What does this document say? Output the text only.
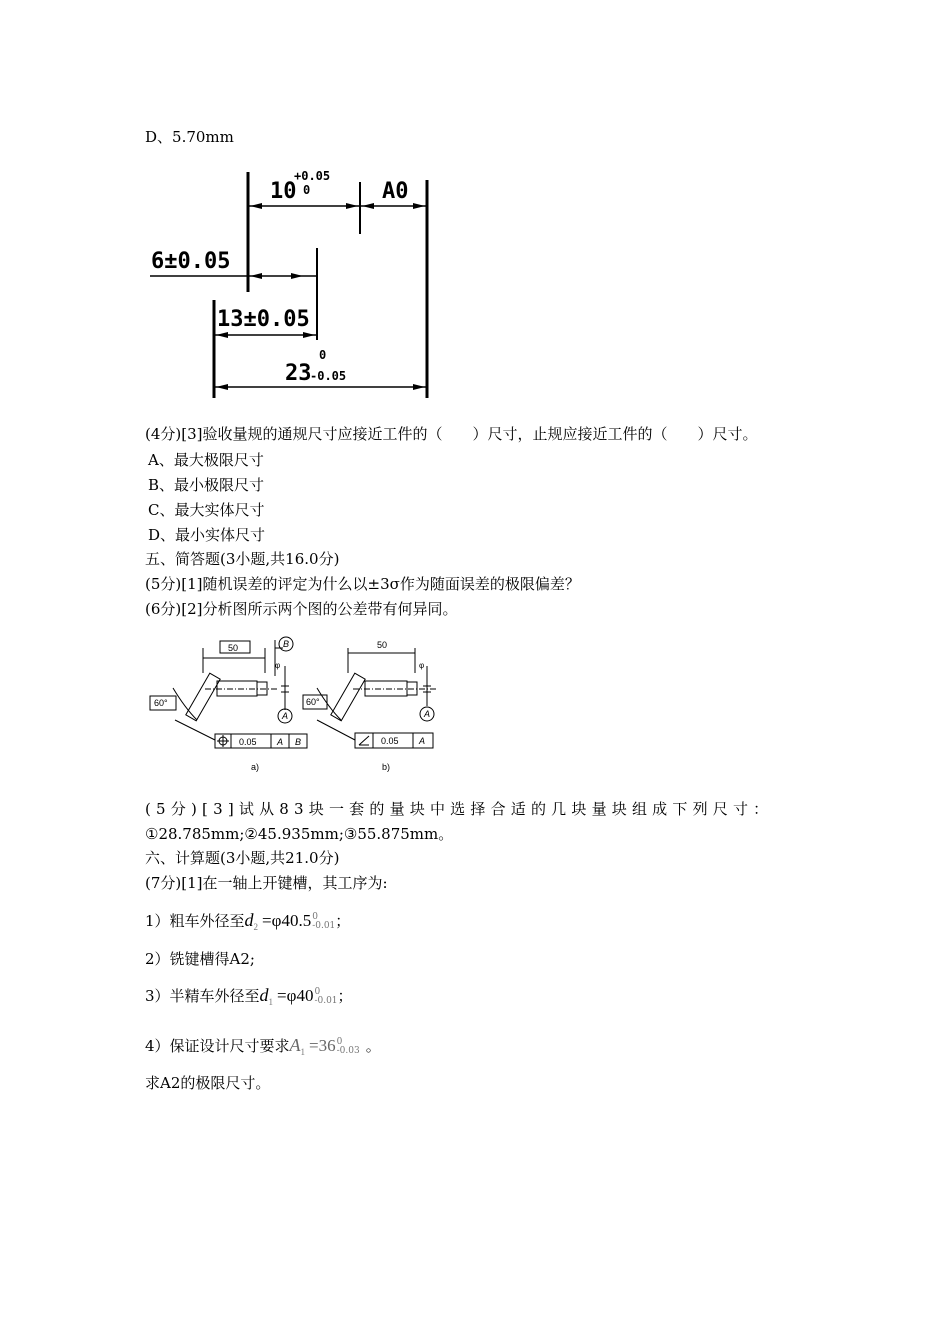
D、5.70mm
10
+0.05
0	A0
6±0.05
13±0.05
23
0
-0.05
(4分)[3]验收量规的通规尺寸应接近工件的（　　）尺寸，止规应接近工件的（　　）尺寸。
A、最大极限尺寸
B、最小极限尺寸
C、最大实体尺寸
D、最小实体尺寸
五、简答题(3小题,共16.0分)
(5分)[1]随机误差的评定为什么以±3σ作为随面误差的极限偏差？
(6分)[2]分析图所示两个图的公差带有何异同。
50	B
φ
A
60°
0.05 A B
a)
50
φ
A
60°
0.05 A
b)
(5分)[3]试从83块一套的量块中选择合适的几块量块组成下列尺寸：
①28.785mm;②45.935mm;③55.875mm。
六、计算题(3小题,共21.0分)
(7分)[1]在一轴上开键槽，其工序为:
1）粗车外径至$d_2 =\varphi 40.5$ 0
-0.01 ；
2）铣键槽得A2;
3）半精车外径至$d_1 =\varphi 40$ 0
-0.01 ；
4）保证设计尺寸要求$A_1 =36$ 0
-0.03 。
求A2的极限尺寸。
